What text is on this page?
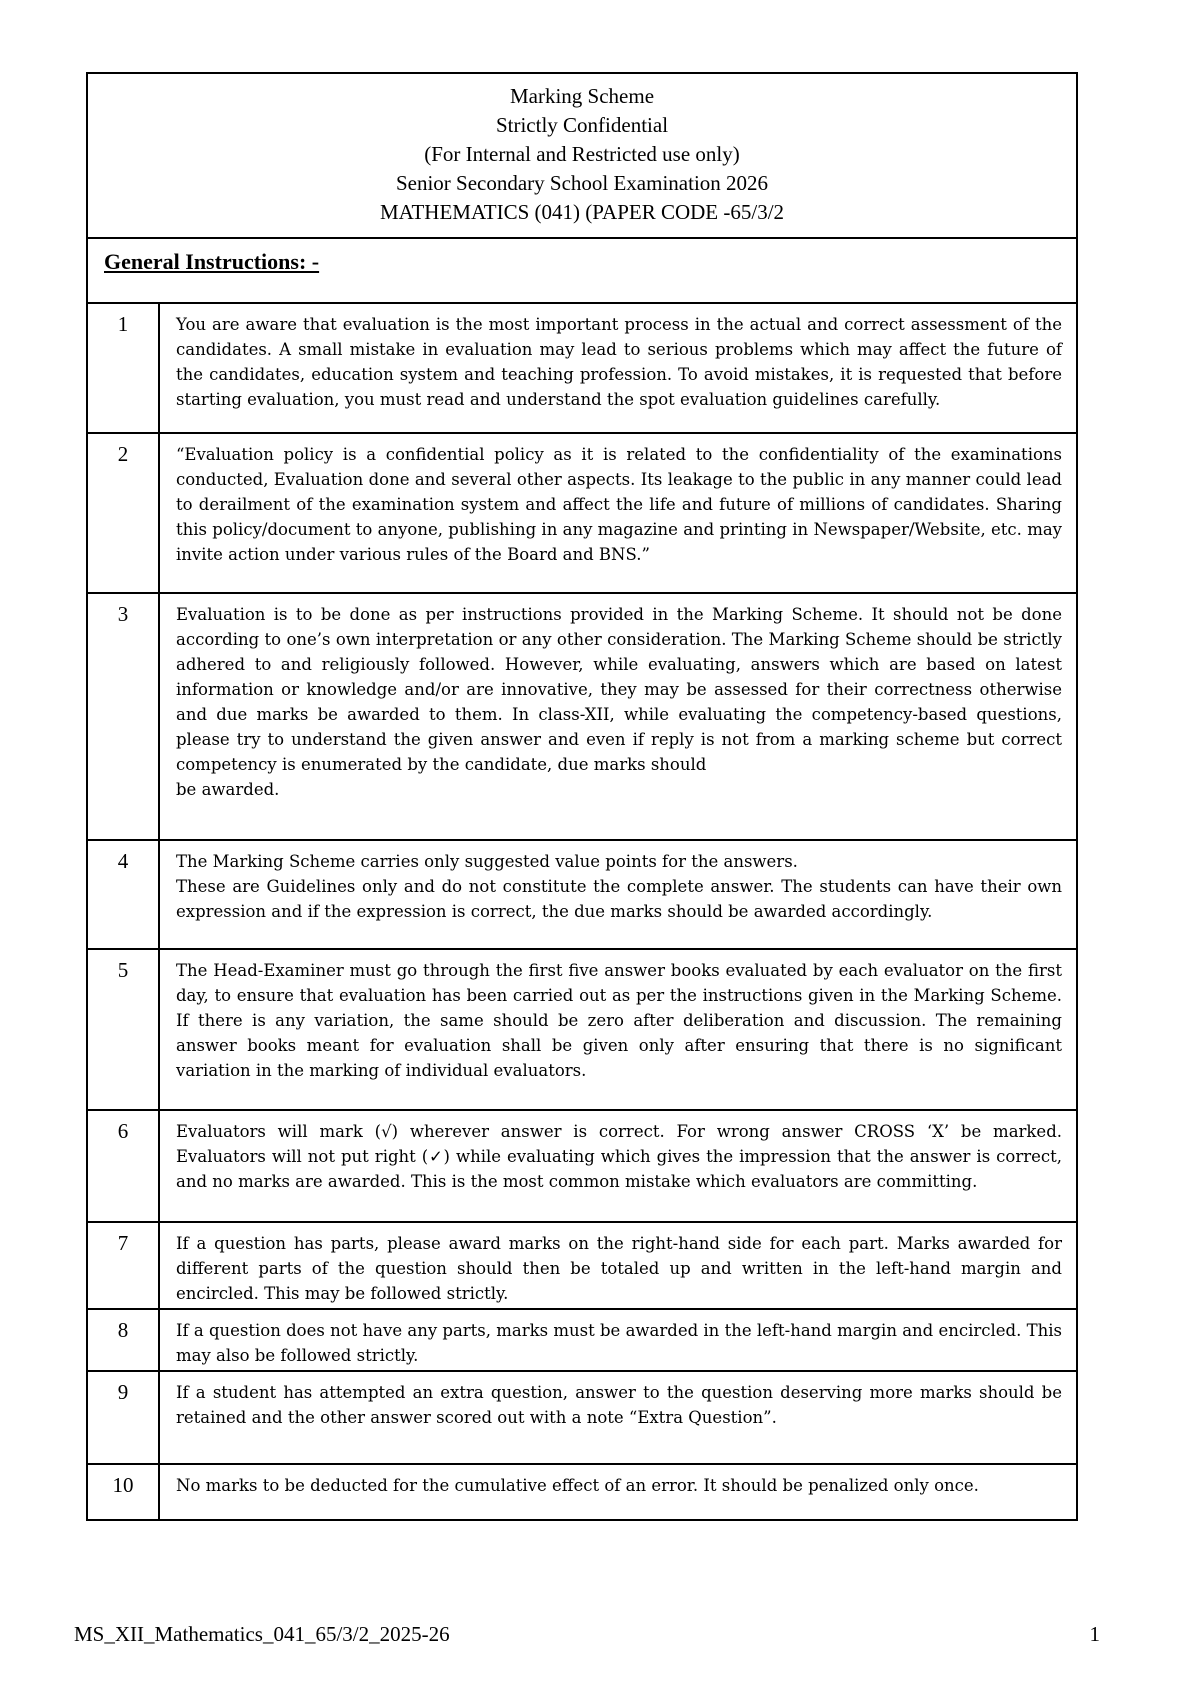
Marking Scheme
Strictly Confidential
(For Internal and Restricted use only)
Senior Secondary School Examination 2026
MATHEMATICS (041) (PAPER CODE -65/3/2	

General Instructions: -	
1	You are aware that evaluation is the most important process in the actual and correct assessment of the candidates. A small mistake in evaluation may lead to serious problems which may affect the future of the candidates, education system and teaching profession. To avoid mistakes, it is requested that before starting evaluation, you must read and understand the spot evaluation guidelines carefully.

2	“Evaluation policy is a confidential policy as it is related to the confidentiality of the examinations conducted, Evaluation done and several other aspects. Its leakage to the public in any manner could lead to derailment of the examination system and affect the life and future of millions of candidates. Sharing this policy/document to anyone, publishing in any magazine and printing in Newspaper/Website, etc. may invite action under various rules of the Board and BNS.”

3	Evaluation is to be done as per instructions provided in the Marking Scheme. It should not be done according to one’s own interpretation or any other consideration. The Marking Scheme should be strictly adhered to and religiously followed. However, while evaluating, answers which are based on latest information or knowledge and/or are innovative, they may be assessed for their correctness otherwise and due marks be awarded to them. In class-XII, while evaluating the competency-based questions, please try to understand the given answer and even if reply is not from a marking scheme but correct competency is enumerated by the candidate, due marks should
be awarded.

4	The Marking Scheme carries only suggested value points for the answers.
These are Guidelines only and do not constitute the complete answer. The students can have their own expression and if the expression is correct, the due marks should be awarded accordingly.

5	The Head-Examiner must go through the first five answer books evaluated by each evaluator on the first day, to ensure that evaluation has been carried out as per the instructions given in the Marking Scheme. If there is any variation, the same should be zero after deliberation and discussion. The remaining answer books meant for evaluation shall be given only after ensuring that there is no significant variation in the marking of individual evaluators.

6	Evaluators will mark (√) wherever answer is correct. For wrong answer CROSS ‘X’ be marked. Evaluators will not put right (✓) while evaluating which gives the impression that the answer is correct, and no marks are awarded. This is the most common mistake which evaluators are committing.

7	If a question has parts, please award marks on the right-hand side for each part. Marks awarded for different parts of the question should then be totaled up and written in the left-hand margin and encircled. This may be followed strictly.

8	If a question does not have any parts, marks must be awarded in the left-hand margin and encircled. This may also be followed strictly.

9	If a student has attempted an extra question, answer to the question deserving more marks should be retained and the other answer scored out with a note “Extra Question”.

10	No marks to be deducted for the cumulative effect of an error. It should be penalized only once.
MS_XII_Mathematics_041_65/3/2_2025-26	1
